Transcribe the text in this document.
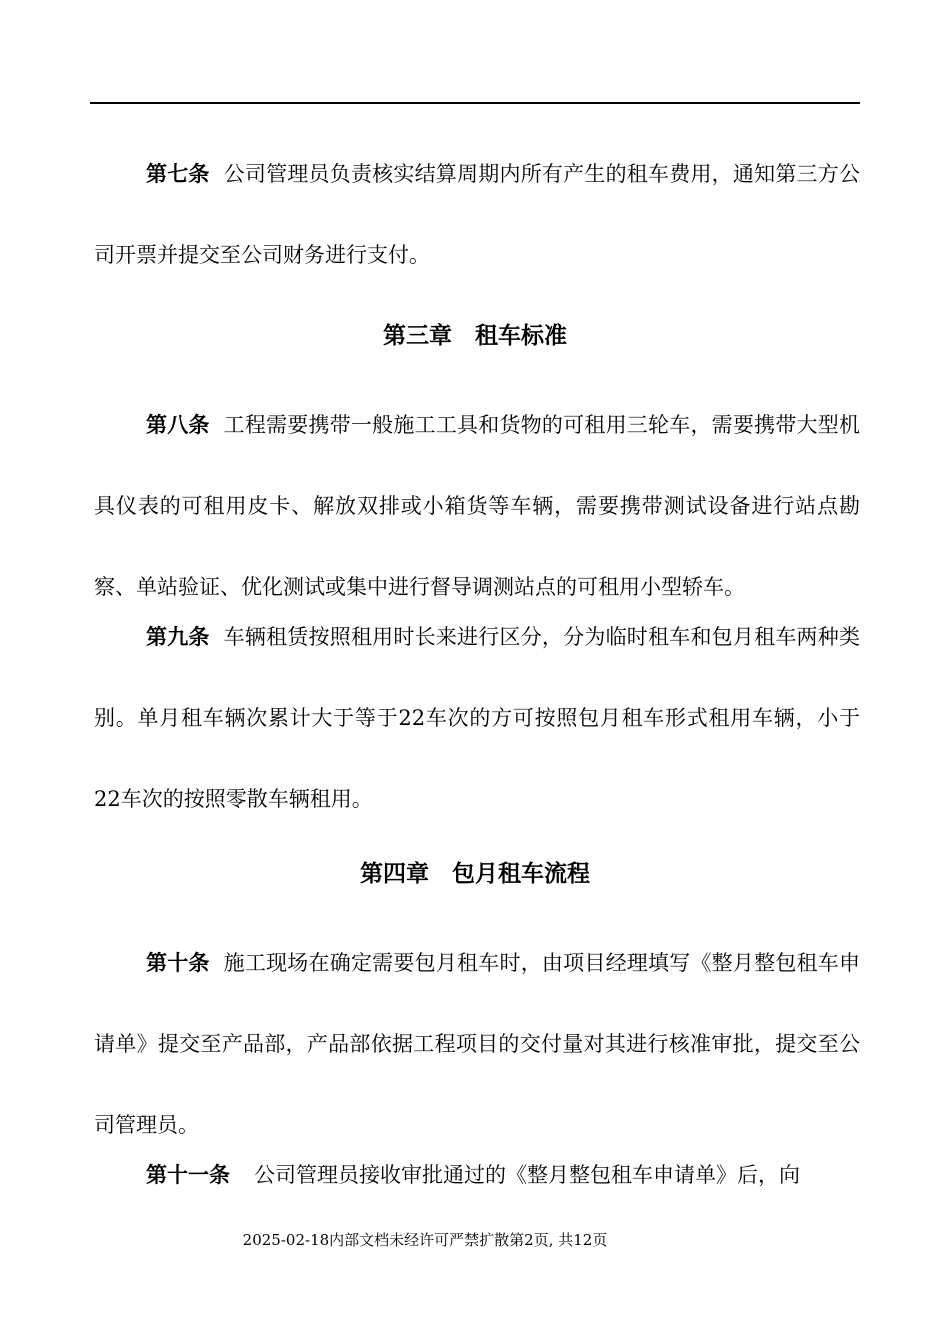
第七条 公司管理员负责核实结算周期内所有产生的租车费用，通知第三方公司开票并提交至公司财务进行支付。

第三章　租车标准

第八条 工程需要携带一般施工工具和货物的可租用三轮车，需要携带大型机具仪表的可租用皮卡、解放双排或小箱货等车辆，需要携带测试设备进行站点勘察、单站验证、优化测试或集中进行督导调测站点的可租用小型轿车。

第九条 车辆租赁按照租用时长来进行区分，分为临时租车和包月租车两种类别。单月租车辆次累计大于等于22车次的方可按照包月租车形式租用车辆，小于22车次的按照零散车辆租用。

第四章　包月租车流程

第十条 施工现场在确定需要包月租车时，由项目经理填写《整月整包租车申请单》提交至产品部，产品部依据工程项目的交付量对其进行核准审批，提交至公司管理员。

第十一条 公司管理员接收审批通过的《整月整包租车申请单》后，向

2025-02-18内部文档未经许可严禁扩散第2页, 共12页
